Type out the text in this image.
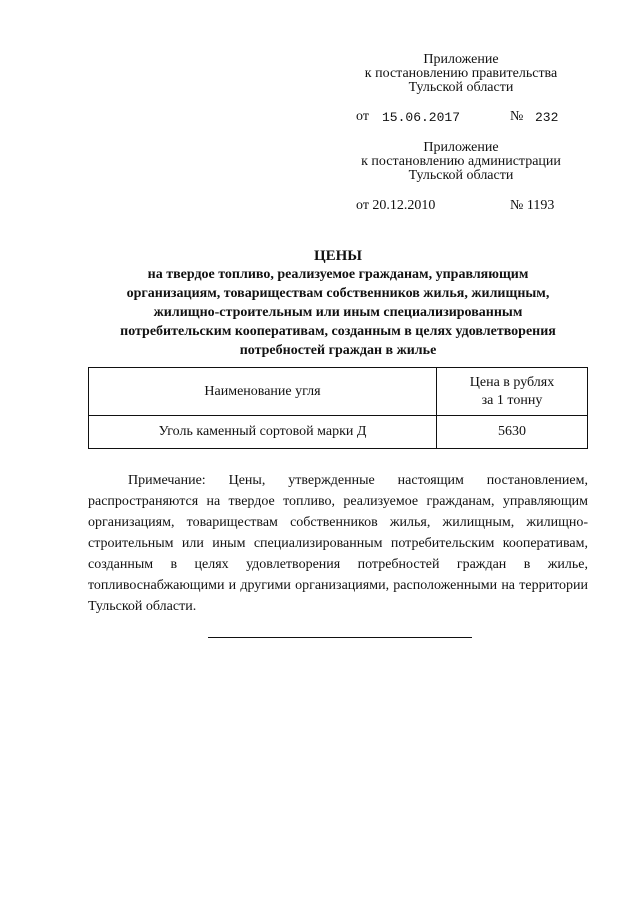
Приложение
к постановлению правительства
Тульской области
от 15.06.2017	№ 232
Приложение
к постановлению администрации
Тульской области
от 20.12.2010	№ 1193
ЦЕНЫ
на твердое топливо, реализуемое гражданам, управляющим
организациям, товариществам собственников жилья, жилищным,
жилищно-строительным или иным специализированным
потребительским кооперативам, созданным в целях удовлетворения
потребностей граждан в жилье
Наименование угля	Цена в рублях
за 1 тонну

Уголь каменный сортовой марки Д	5630
Примечание: Цены, утвержденные настоящим постановлением, распространяются на твердое топливо, реализуемое гражданам, управляющим организациям, товариществам собственников жилья, жилищным, жилищно-строительным или иным специализированным потребительским кооперативам, созданным в целях удовлетворения потребностей граждан в жилье, топливоснабжающими и другими организациями, расположенными на территории Тульской области.
